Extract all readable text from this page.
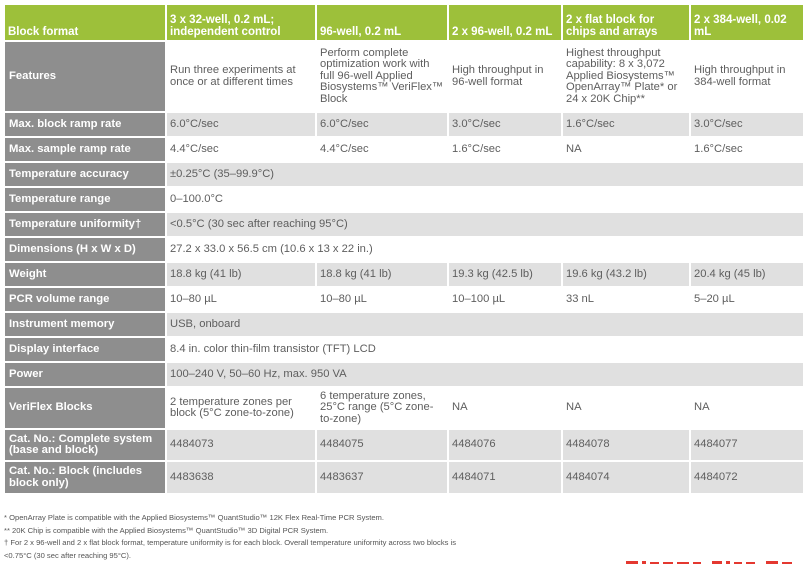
Block format	3 x 32-well, 0.2 mL; independent control	96-well, 0.2 mL	2 x 96-well, 0.2 mL	2 x flat block for chips and arrays	2 x 384-well, 0.02 mL
Features	Run three experiments at once or at different times	Perform complete optimization work with full 96-well Applied Biosystems™ VeriFlex™ Block	High throughput in 96-well format	Highest throughput capability: 8 x 3,072 Applied Biosystems™ OpenArray™ Plate* or 24 x 20K Chip**	High throughput in 384-well format
Max. block ramp rate	6.0°C/sec	6.0°C/sec	3.0°C/sec	1.6°C/sec	3.0°C/sec
Max. sample ramp rate	4.4°C/sec	4.4°C/sec	1.6°C/sec	NA	1.6°C/sec
Temperature accuracy	±0.25°C (35–99.9°C)				
Temperature range	0–100.0°C				
Temperature uniformity†	<0.5°C (30 sec after reaching 95°C)				
Dimensions (H x W x D)	27.2 x 33.0 x 56.5 cm (10.6 x 13 x 22 in.)				
Weight	18.8 kg (41 lb)	18.8 kg (41 lb)	19.3 kg (42.5 lb)	19.6 kg (43.2 lb)	20.4 kg (45 lb)
PCR volume range	10–80 µL	10–80 µL	10–100 µL	33 nL	5–20 µL
Instrument memory	USB, onboard				
Display interface	8.4 in. color thin-film transistor (TFT) LCD				
Power	100–240 V, 50–60 Hz, max. 950 VA				
VeriFlex Blocks	2 temperature zones per block (5°C zone-to-zone)	6 temperature zones, 25°C range (5°C zone-to-zone)	NA	NA	NA
Cat. No.: Complete system (base and block)	4484073	4484075	4484076	4484078	4484077
Cat. No.: Block (includes block only)	4483638	4483637	4484071	4484074	4484072
* OpenArray Plate is compatible with the Applied Biosystems™ QuantStudio™ 12K Flex Real-Time PCR System.
** 20K Chip is compatible with the Applied Biosystems™ QuantStudio™ 3D Digital PCR System.
† For 2 x 96-well and 2 x flat block format, temperature uniformity is for each block. Overall temperature uniformity across two blocks is
<0.75°C (30 sec after reaching 95°C).
